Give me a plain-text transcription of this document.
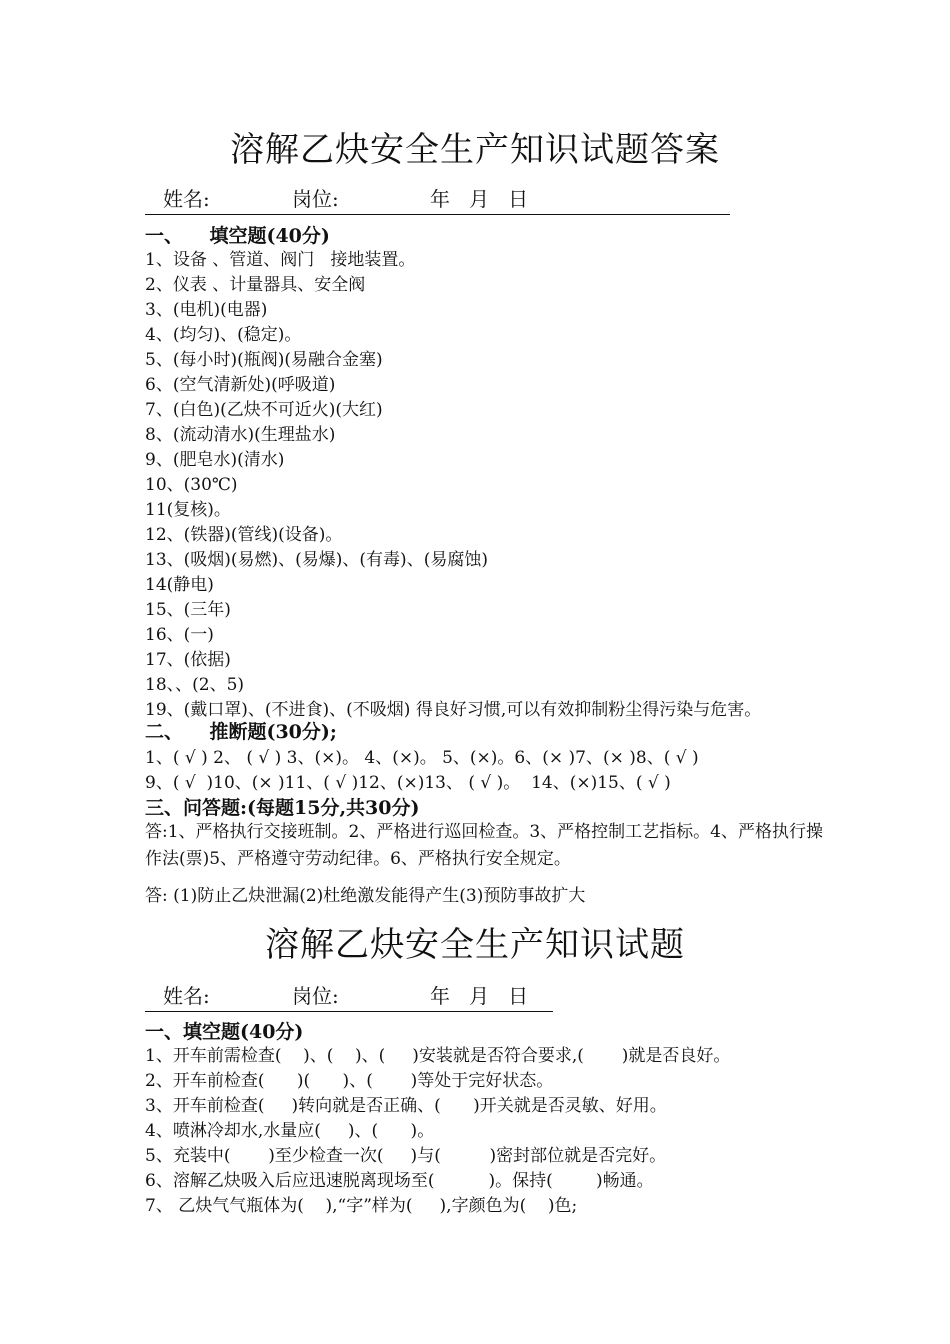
溶解乙炔安全生产知识试题答案

姓名:

	岗位:

	年   月   日

一、    填空题(40分)
1、设备 、管道、阀门   接地装置。
2、仪表 、计量器具、安全阀
3、(电机)(电器)
4、(均匀)、(稳定)。
5、(每小时)(瓶阀)(易融合金塞)
6、(空气清新处)(呼吸道)
7、(白色)(乙炔不可近火)(大红)
8、(流动清水)(生理盐水)
9、(肥皂水)(清水)
10、(30℃)
11(复核)。
12、(铁器)(管线)(设备)。
13、(吸烟)(易燃)、(易爆)、(有毒)、(易腐蚀)
14(静电)
15、(三年)
16、(一)
17、(依据)
18、、(2、5)
19、(戴口罩)、(不进食)、(不吸烟) 得良好习惯,可以有效抑制粉尘得污染与危害。
二、    推断题(30分);
1、( √ ) 2、 ( √ ) 3、(×)。 4、(×)。 5、(×)。6、(× )7、(× )8、( √ )
9、( √  )10、(× )11、( √ )12、(×)13、 ( √ )。  14、(×)15、( √ )
三、问答题:(每题15分,共30分)
答:1、严格执行交接班制。2、严格进行巡回检查。3、严格控制工艺指标。4、严格执行操作法(票)5、严格遵守劳动纪律。6、严格执行安全规定。
答: (1)防止乙炔泄漏(2)杜绝激发能得产生(3)预防事故扩大
溶解乙炔安全生产知识试题

姓名:

	岗位:

	年   月   日

一、填空题(40分)
1、开车前需检查(    )、(    )、(     )安装就是否符合要求,(       )就是否良好。
2、开车前检查(      )(      )、(       )等处于完好状态。
3、开车前检查(     )转向就是否正确、(      )开关就是否灵敏、好用。
4、喷淋冷却水,水量应(     )、(      )。
5、充装中(       )至少检查一次(     )与(         )密封部位就是否完好。
6、溶解乙炔吸入后应迅速脱离现场至(          )。保持(        )畅通。
7、 乙炔气气瓶体为(    ),“字”样为(     ),字颜色为(    )色;
